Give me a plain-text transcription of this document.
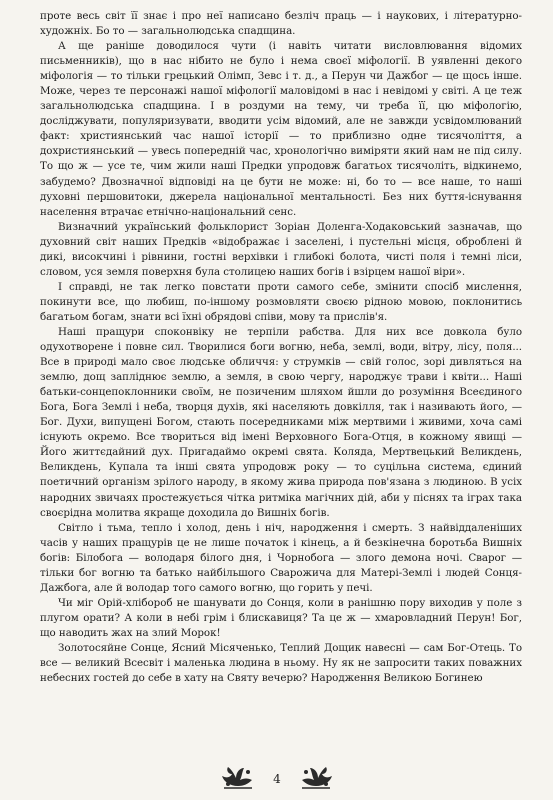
проте весь світ її знає і про неї написано безліч праць — і наукових, і літературно-художніх. Бо то — загальнолюдська спадщина.

А ще раніше доводилося чути (і навіть читати висловлювання відомих письменників), що в нас нібито не було і нема своєї міфології. В уявленні декого міфологія — то тільки грецький Олімп, Зевс і т. д., а Перун чи Дажбог — це щось інше. Може, через те персонажі нашої міфології маловідомі в нас і невідомі у світі. А це теж загальнолюдська спадщина. І в роздуми на тему, чи треба її, цю міфологію, досліджувати, популяризувати, вводити усім відомий, але не завжди усвідомлюваний факт: християнський час нашої історії — то приблизно одне тисячоліття, а дохристиянський — увесь попередній час, хронологічно виміряти який нам не під силу. То що ж — усе те, чим жили наші Предки упродовж багатьох тисячоліть, відкинемо, забудемо? Двозначної відповіді на це бути не може: ні, бо то — все наше, то наші духовні першовитоки, джерела національної ментальності. Без них буття-існування населення втрачає етнічно-національний сенс.

Визначний український фольклорист Зоріан Доленга-Ходаковський зазначав, що духовний світ наших Предків «відображає і заселені, і пустельні місця, оброблені й дикі, високчині і рівнини, гостні верхівки і глибокі болота, чисті поля і темні ліси, словом, уся земля поверхня була столицею наших богів і взірцем нашої віри».

І справді, не так легко повстати проти самого себе, змінити спосіб мислення, покинути все, що любиш, по-іншому розмовляти своєю рідною мовою, поклонитись багатьом богам, знати всі їхні обрядові співи, мову та прислів'я.

Наші пращури споконвіку не терпіли рабства. Для них все довкола було одухотворене і повне сил. Творилися боги вогню, неба, землі, води, вітру, лісу, поля... Все в природі мало своє людське обличчя: у струмків — свій голос, зорі дивляться на землю, дощ запліднює землю, а земля, в свою чергу, народжує трави і квіти... Наші батьки-сонцепоклонники своїм, не позиченим шляхом йшли до розуміння Всеєдиного Бога, Бога Землі і неба, творця духів, які населяють довкілля, так і називають його, — Бог. Духи, випущені Богом, стають посередниками між мертвими і живими, хоча самі існують окремо. Все твориться від імені Верховного Бога-Отця, в кожному явищі — Його життєдайний дух. Пригадаймо окремі свята. Коляда, Мертвецький Великдень, Великдень, Купала та інші свята упродовж року — то суцільна система, єдиний поетичний організм зрілого народу, в якому жива природа пов'язана з людиною. В усіх народних звичаях простежується чітка ритміка магічних дій, аби у піснях та іграх така своєрідна молитва якраще доходила до Вишніх богів.

Світло і тьма, тепло і холод, день і ніч, народження і смерть. З найвіддаленіших часів у наших пращурів це не лише початок і кінець, а й безкінечна боротьба Вишніх богів: Білобога — володаря білого дня, і Чорнобога — злого демона ночі. Сварог — тільки бог вогню та батько найбільшого Сварожича для Матері-Землі і людей Сонця-Дажбога, але й володар того самого вогню, що горить у печі.

Чи міг Орій-хлібороб не шанувати до Сонця, коли в ранішню пору виходив у поле з плугом орати? А коли в небі грім і блискавиця? Та це ж — хмаровладний Перун! Бог, що наводить жах на злий Морок!

Золотосяйне Сонце, Ясний Місяченько, Теплий Дощик навесні — сам Бог-Отець. То все — великий Всесвіт і маленька людина в ньому. Ну як не запросити таких поважних небесних гостей до себе в хату на Святу вечерю? Народження Великою Богинею

4
